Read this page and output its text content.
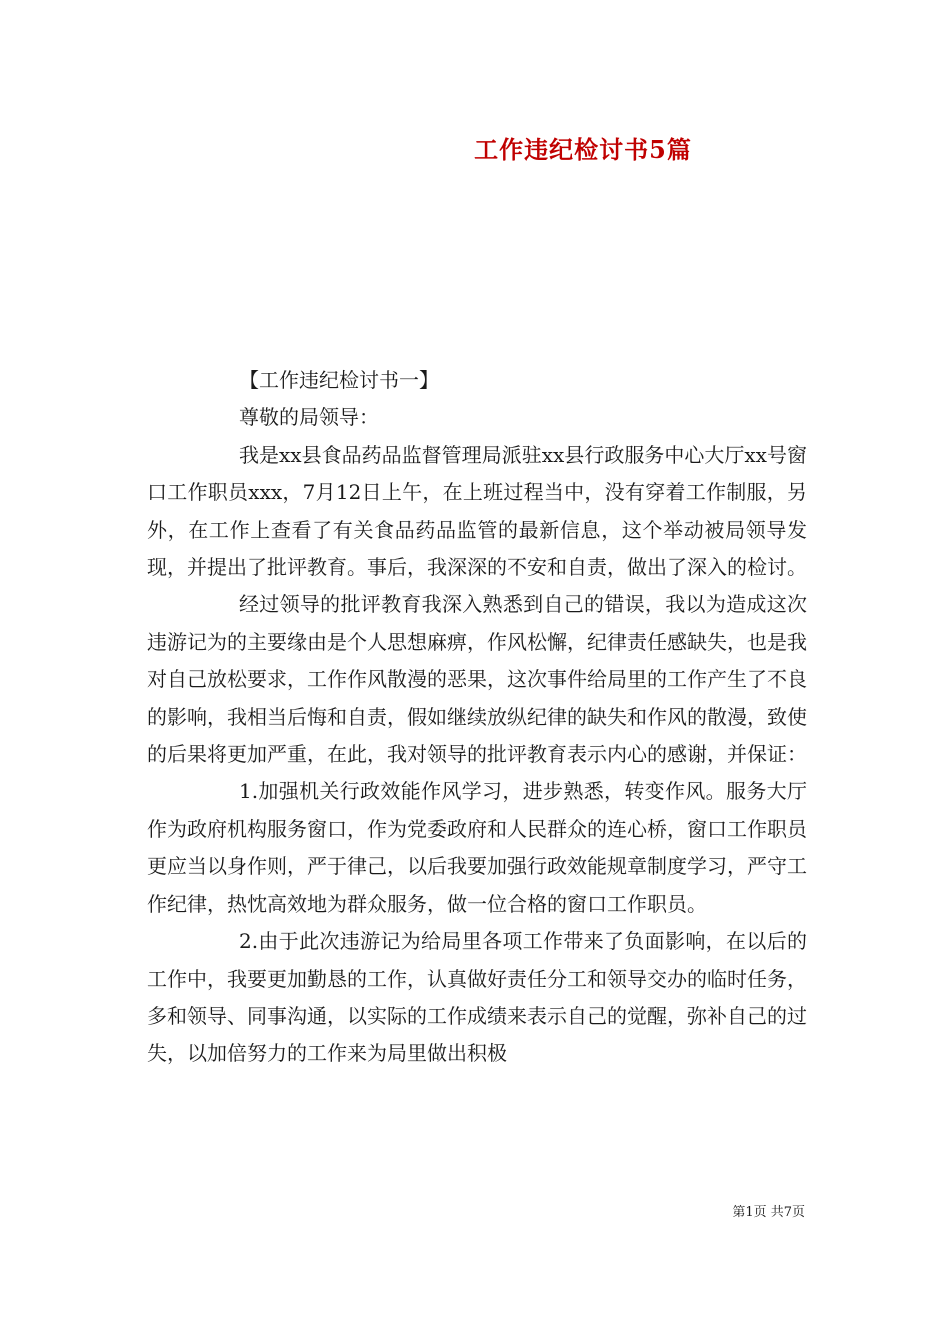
工作违纪检讨书5篇

【工作违纪检讨书一】

尊敬的局领导：

我是xx县食品药品监督管理局派驻xx县行政服务中心大厅xx号窗口工作职员xxx，7月12日上午，在上班过程当中，没有穿着工作制服，另外，在工作上查看了有关食品药品监管的最新信息，这个举动被局领导发现，并提出了批评教育。事后，我深深的不安和自责，做出了深入的检讨。

经过领导的批评教育我深入熟悉到自己的错误，我以为造成这次违游记为的主要缘由是个人思想麻痹，作风松懈，纪律责任感缺失，也是我对自己放松要求，工作作风散漫的恶果，这次事件给局里的工作产生了不良的影响，我相当后悔和自责，假如继续放纵纪律的缺失和作风的散漫，致使的后果将更加严重，在此，我对领导的批评教育表示内心的感谢，并保证：

1.加强机关行政效能作风学习，进步熟悉，转变作风。服务大厅作为政府机构服务窗口，作为党委政府和人民群众的连心桥，窗口工作职员更应当以身作则，严于律己，以后我要加强行政效能规章制度学习，严守工作纪律，热忱高效地为群众服务，做一位合格的窗口工作职员。

2.由于此次违游记为给局里各项工作带来了负面影响，在以后的工作中，我要更加勤恳的工作，认真做好责任分工和领导交办的临时任务，多和领导、同事沟通，以实际的工作成绩来表示自己的觉醒，弥补自己的过失，以加倍努力的工作来为局里做出积极

第1页 共7页
